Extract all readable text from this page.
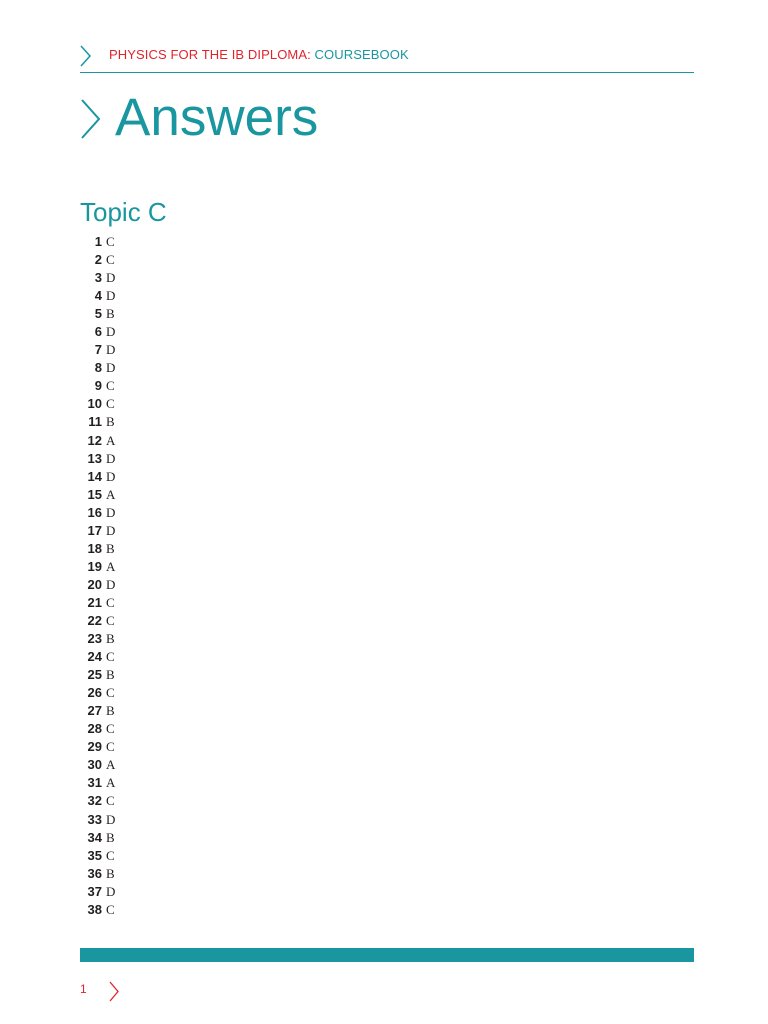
PHYSICS FOR THE IB DIPLOMA: COURSEBOOK
Answers
Topic C
1 C
2 C
3 D
4 D
5 B
6 D
7 D
8 D
9 C
10 C
11 B
12 A
13 D
14 D
15 A
16 D
17 D
18 B
19 A
20 D
21 C
22 C
23 B
24 C
25 B
26 C
27 B
28 C
29 C
30 A
31 A
32 C
33 D
34 B
35 C
36 B
37 D
38 C
1
